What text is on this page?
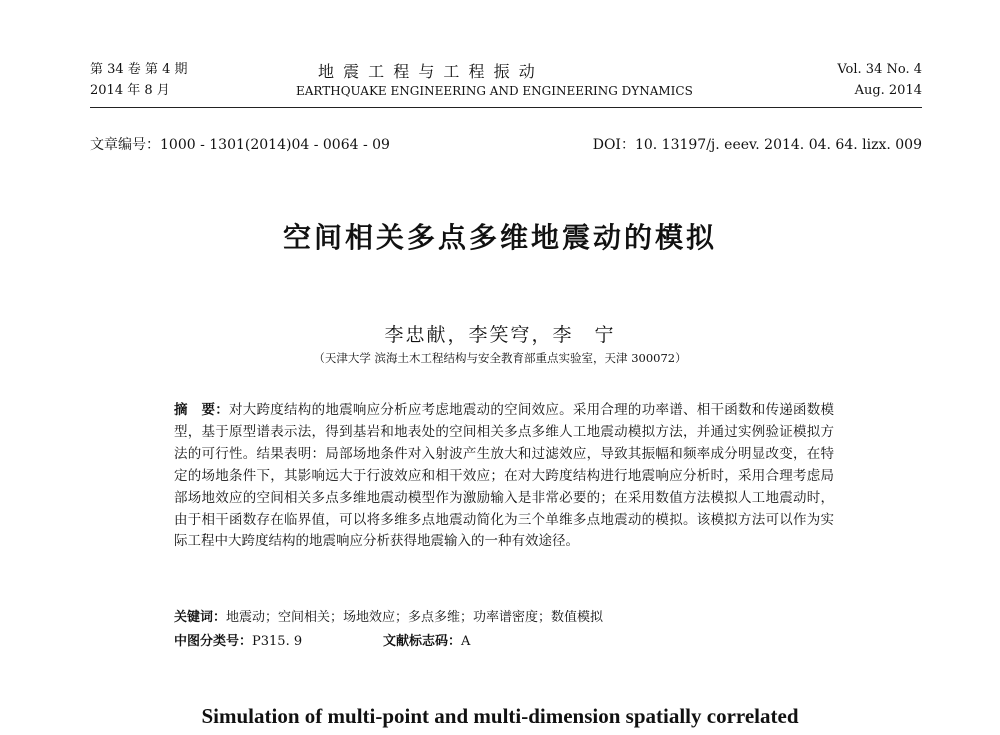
第 34 卷 第 4 期
2014 年 8 月
地 震 工 程 与 工 程 振 动
EARTHQUAKE ENGINEERING AND ENGINEERING DYNAMICS
Vol. 34 No. 4
Aug. 2014
文章编号：1000 - 1301(2014)04 - 0064 - 09	DOI：10. 13197/j. eeev. 2014. 04. 64. lizx. 009
空间相关多点多维地震动的模拟
李忠献，李笑穹，李　宁
（天津大学 滨海土木工程结构与安全教育部重点实验室，天津 300072）
摘　要：对大跨度结构的地震响应分析应考虑地震动的空间效应。采用合理的功率谱、相干函数和传递函数模型，基于原型谱表示法，得到基岩和地表处的空间相关多点多维人工地震动模拟方法，并通过实例验证模拟方法的可行性。结果表明：局部场地条件对入射波产生放大和过滤效应，导致其振幅和频率成分明显改变，在特定的场地条件下，其影响远大于行波效应和相干效应；在对大跨度结构进行地震响应分析时，采用合理考虑局部场地效应的空间相关多点多维地震动模型作为激励输入是非常必要的；在采用数值方法模拟人工地震动时，由于相干函数存在临界值，可以将多维多点地震动简化为三个单维多点地震动的模拟。该模拟方法可以作为实际工程中大跨度结构的地震响应分析获得地震输入的一种有效途径。
关键词：地震动；空间相关；场地效应；多点多维；功率谱密度；数值模拟
中图分类号：P315. 9	文献标志码：A
Simulation of multi-point and multi-dimension spatially correlated
